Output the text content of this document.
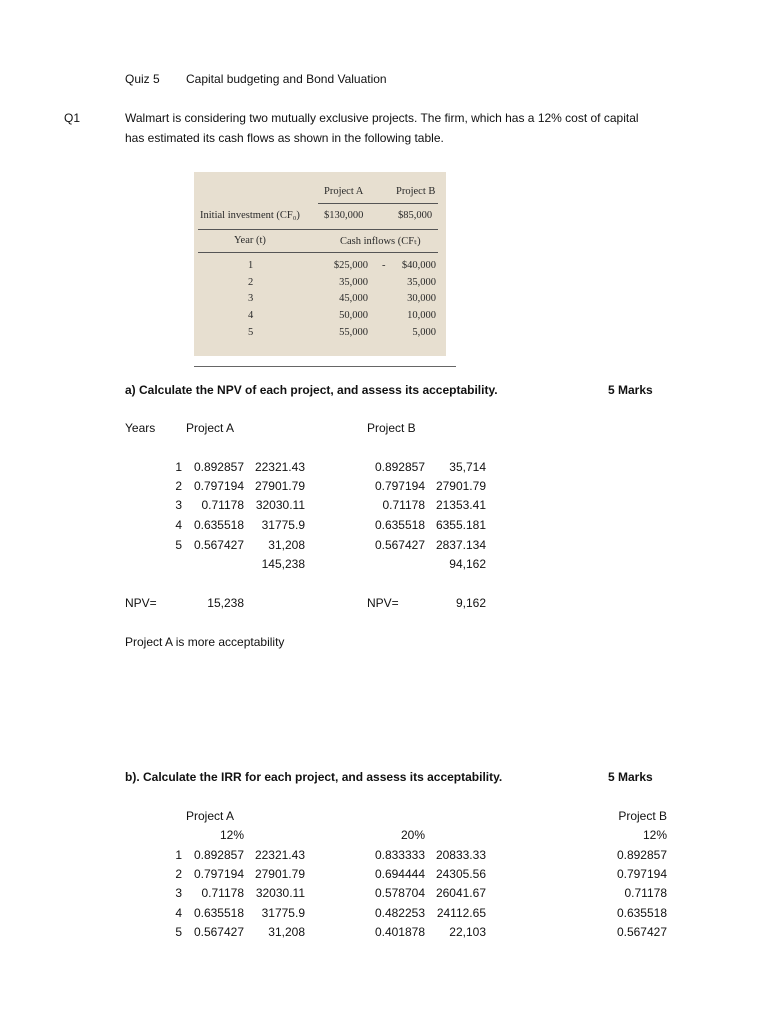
Quiz 5 Capital budgeting and Bond Valuation
Q1	Walmart is considering two mutually exclusive projects. The firm, which has a 12% cost of capital
has estimated its cash flows as shown in the following table.
Project A	Project B
Initial investment (CF₀) $130,000	$85,000
Year (t)	Cash inflows (CFₜ)
1	$25,000 -	$40,000
2	35,000	35,000
3	45,000	30,000
4	50,000	10,000
5	55,000	5,000
a) Calculate the NPV of each project, and assess its acceptability.	5 Marks
Years	Project A	Project B
1 0.892857 22321.43	0.892857	35,714
2 0.797194 27901.79	0.797194 27901.79
3	0.71178 32030.11	0.71178 21353.41
4 0.635518	31775.9	0.635518 6355.181
5 0.567427	31,208	0.567427 2837.134
145,238	94,162
NPV=	15,238	NPV=	9,162
Project A is more acceptability
b). Calculate the IRR for each project, and assess its acceptability.	5 Marks
Project A	Project B
12%	20%	12%
1 0.892857 22321.43	0.833333 20833.33	0.892857
2 0.797194 27901.79	0.694444 24305.56	0.797194
3	0.71178 32030.11	0.578704 26041.67	0.71178
4 0.635518	31775.9	0.482253 24112.65	0.635518
5 0.567427	31,208	0.401878	22,103	0.567427
